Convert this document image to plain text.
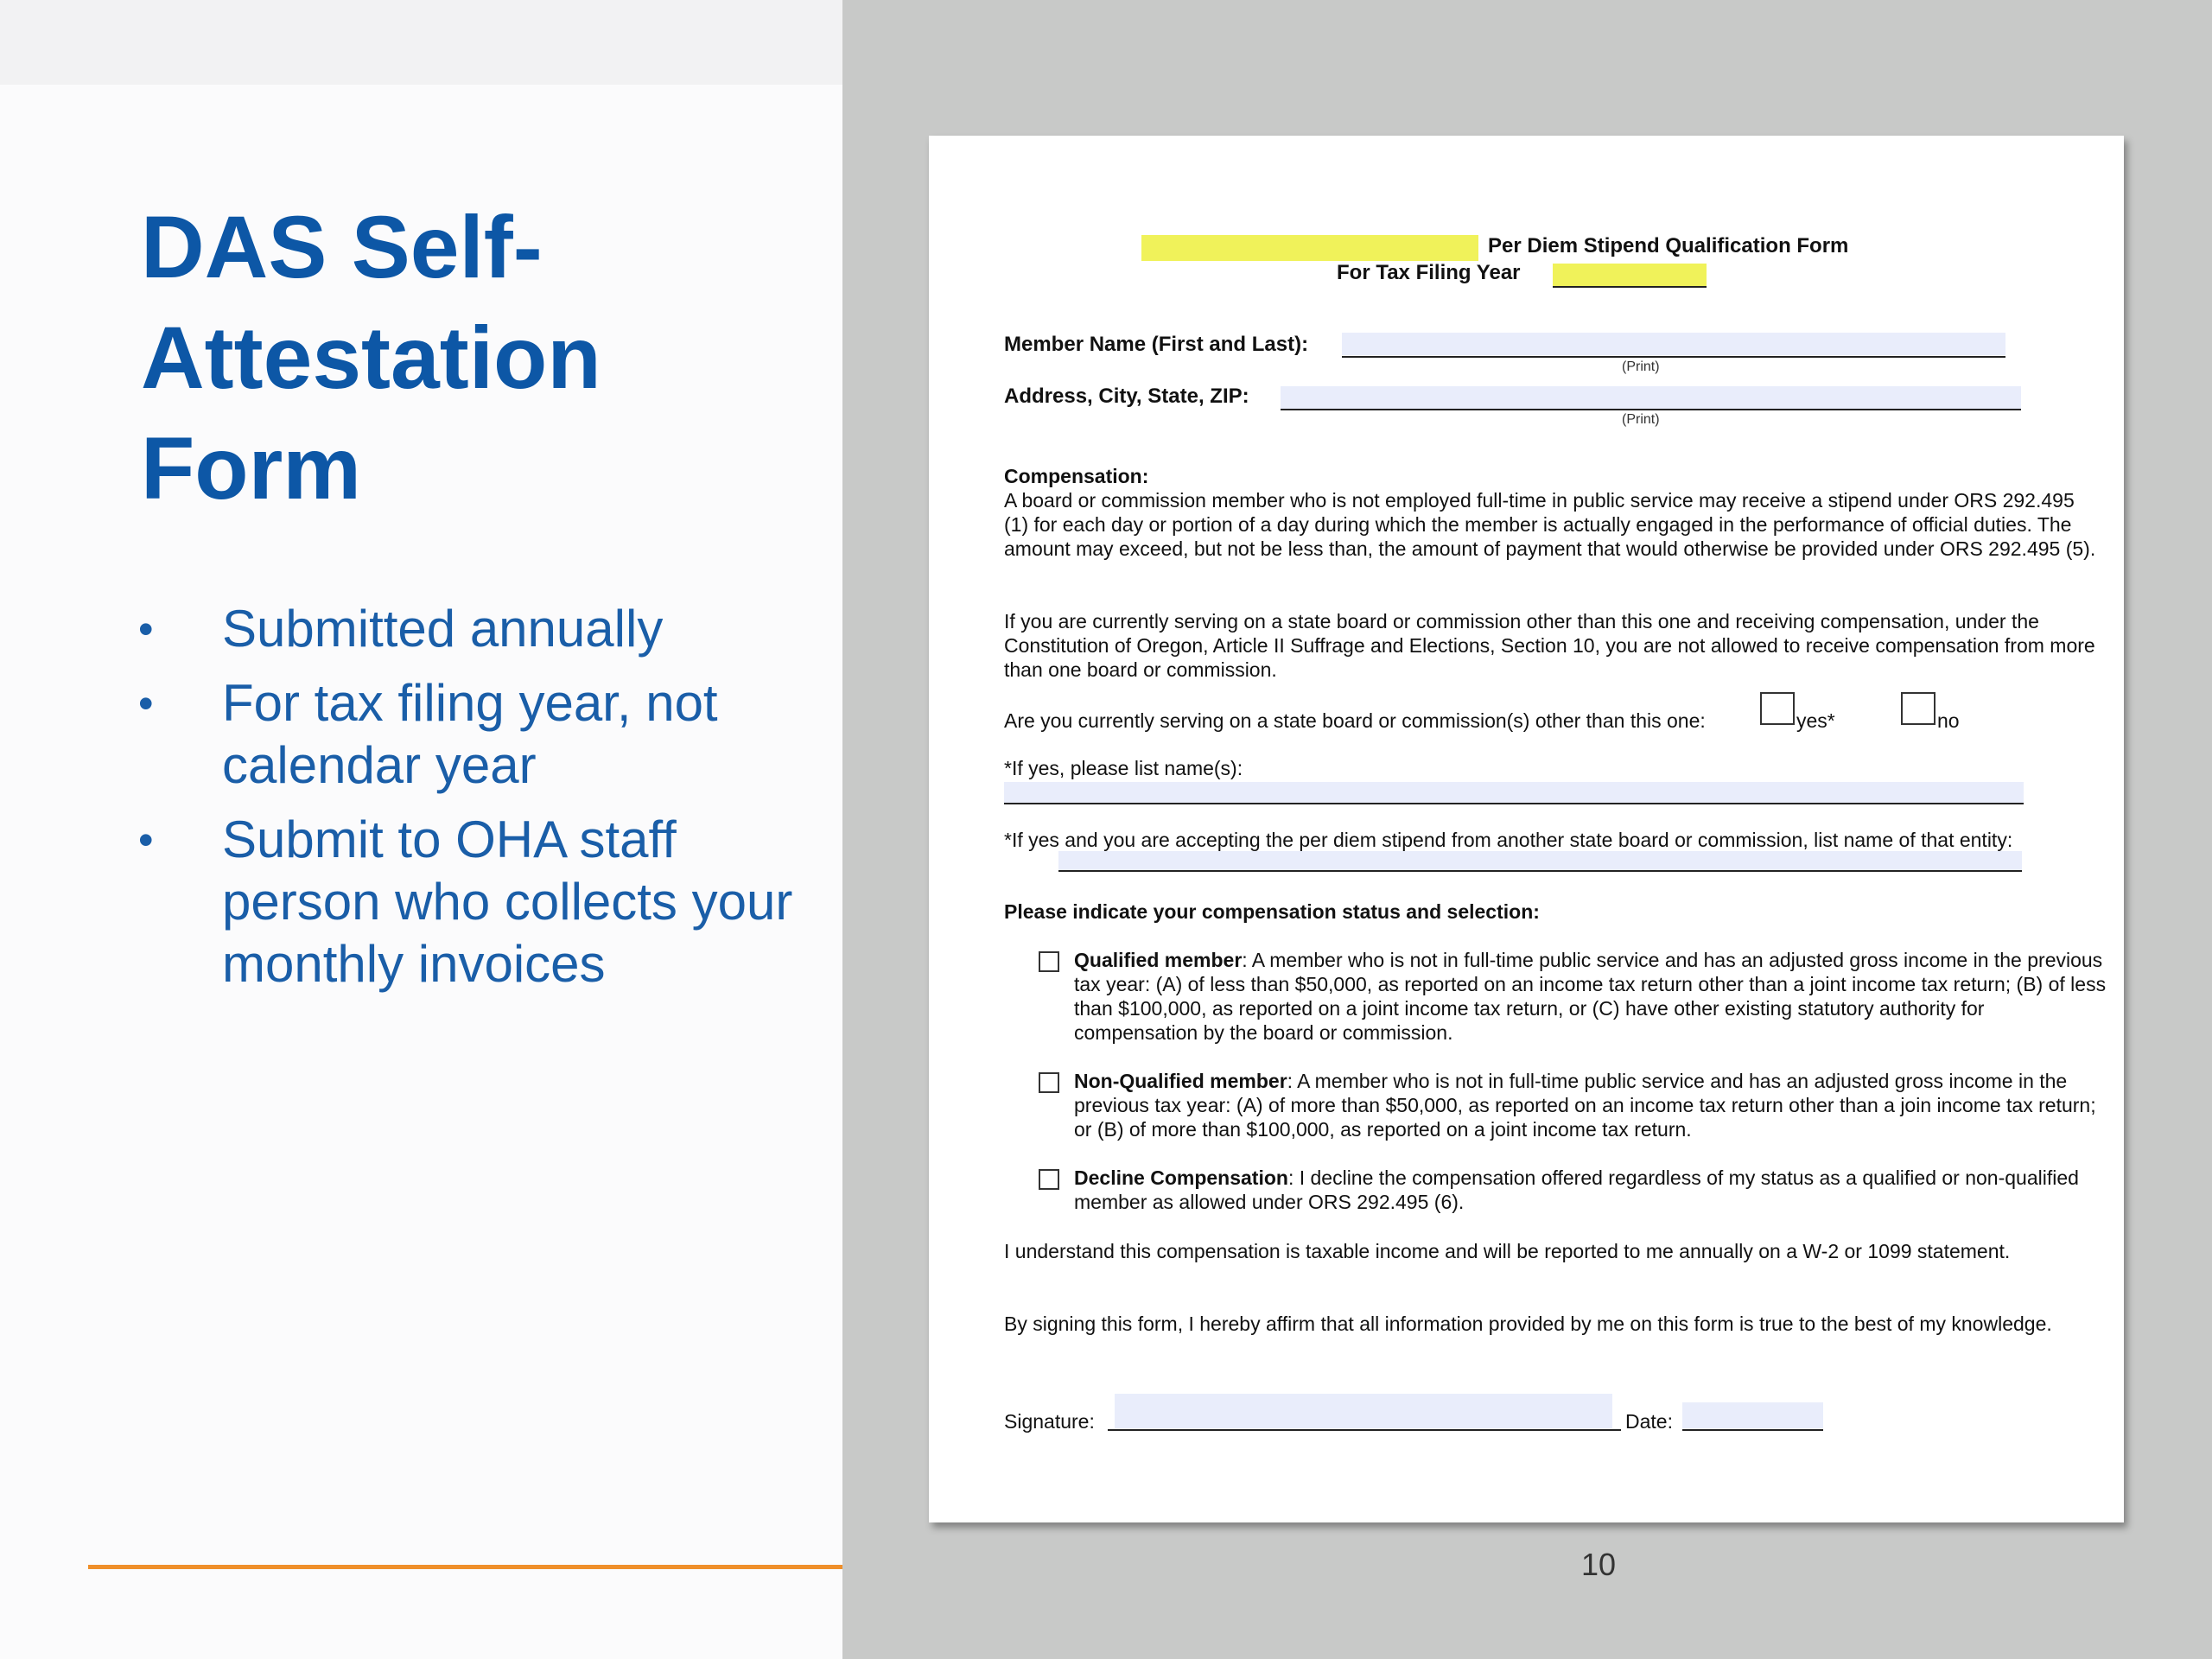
DAS Self-Attestation Form
• Submitted annually
• For tax filing year, not calendar year
• Submit to OHA staff person who collects your monthly invoices
10
Per Diem Stipend Qualification Form
For Tax Filing Year
Member Name (First and Last):
(Print)
Address, City, State, ZIP:
(Print)
Compensation:
A board or commission member who is not employed full-time in public service may receive a stipend under ORS 292.495 (1) for each day or portion of a day during which the member is actually engaged in the performance of official duties. The amount may exceed, but not be less than, the amount of payment that would otherwise be provided under ORS 292.495 (5).
If you are currently serving on a state board or commission other than this one and receiving compensation, under the Constitution of Oregon, Article II Suffrage and Elections, Section 10, you are not allowed to receive compensation from more than one board or commission.
Are you currently serving on a state board or commission(s) other than this one:	yes*	no
*If yes, please list name(s):
*If yes and you are accepting the per diem stipend from another state board or commission, list name of that entity:
Please indicate your compensation status and selection:
Qualified member: A member who is not in full-time public service and has an adjusted gross income in the previous tax year: (A) of less than $50,000, as reported on an income tax return other than a joint income tax return; (B) of less than $100,000, as reported on a joint income tax return, or (C) have other existing statutory authority for compensation by the board or commission.
Non-Qualified member: A member who is not in full-time public service and has an adjusted gross income in the previous tax year: (A) of more than $50,000, as reported on an income tax return other than a join income tax return; or (B) of more than $100,000, as reported on a joint income tax return.
Decline Compensation: I decline the compensation offered regardless of my status as a qualified or non-qualified member as allowed under ORS 292.495 (6).
I understand this compensation is taxable income and will be reported to me annually on a W-2 or 1099 statement.
By signing this form, I hereby affirm that all information provided by me on this form is true to the best of my knowledge.
Signature:	Date:
